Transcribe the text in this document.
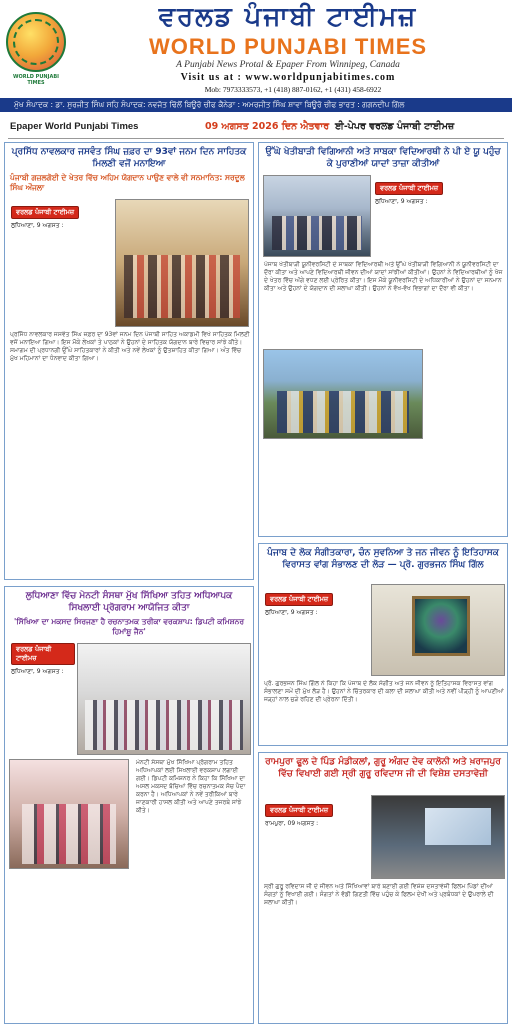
WORLD PUNJABI TIMES
ਵਰਲਡ ਪੰਜਾਬੀ ਟਾਈਮਜ਼
WORLD PUNJABI TIMES
A Punjabi News Protal & Epaper From Winnipeg, Canada
Visit us at : www.worldpunjabitimes.com
Mob: 7973333573, +1 (418) 887-0162, +1 (431) 458-6922
ਮੁੱਖ ਸੰਪਾਦਕ : ਡਾ. ਸੁਰਜੀਤ ਸਿੰਘ ਸਹਿ ਸੰਪਾਦਕ: ਨਵਜੋਤ ਢਿੱਲੋਂ ਬਿਊਰੋ ਚੀਫ ਕੈਨੇਡਾ : ਅਮਰਜੀਤ ਸਿੰਘ ਸ਼ਾਵਾ ਬਿਊਰੋ ਚੀਫ ਭਾਰਤ : ਗਗਨਦੀਪ ਗਿੱਲ
Epaper World Punjabi Times	09 ਅਗਸਤ 2026 ਦਿਨ ਐਤਵਾਰ ਈ-ਪੇਪਰ ਵਰਲਡ ਪੰਜਾਬੀ ਟਾਈਮਜ਼
ਪ੍ਰਸਿੱਧ ਨਾਵਲਕਾਰ ਜਸਵੰਤ ਸਿੰਘ ਜ਼ਫ਼ਰ ਦਾ 93ਵਾਂ ਜਨਮ ਦਿਨ ਸਾਹਿਤਕ ਮਿਲਣੀ ਵਜੋਂ ਮਨਾਇਆ
ਪੰਜਾਬੀ ਗਜ਼ਲਗੋਈ ਦੇ ਖੇਤਰ ਵਿੱਚ ਅਹਿਮ ਯੋਗਦਾਨ ਪਾਉਣ ਵਾਲੇ ਵੀ ਸਨਮਾਨਿਤ: ਸਰਦੂਲ ਸਿੰਘ ਔਜਲਾ
ਵਰਲਡ ਪੰਜਾਬੀ ਟਾਈਮਜ਼
ਲੁਧਿਆਣਾ, 9 ਅਗਸਤ :
ਪ੍ਰਸਿੱਧ ਨਾਵਲਕਾਰ ਜਸਵੰਤ ਸਿੰਘ ਜ਼ਫ਼ਰ ਦਾ 93ਵਾਂ ਜਨਮ ਦਿਨ ਪੰਜਾਬੀ ਸਾਹਿਤ ਅਕਾਡਮੀ ਵਿਖੇ ਸਾਹਿਤਕ ਮਿਲਣੀ ਵਜੋਂ ਮਨਾਇਆ ਗਿਆ। ਇਸ ਮੌਕੇ ਲੇਖਕਾਂ ਤੇ ਪਾਠਕਾਂ ਨੇ ਉਹਨਾਂ ਦੇ ਸਾਹਿਤਕ ਯੋਗਦਾਨ ਬਾਰੇ ਵਿਚਾਰ ਸਾਂਝੇ ਕੀਤੇ। ਸਮਾਗਮ ਦੀ ਪ੍ਰਧਾਨਗੀ ਉੱਘੇ ਸਾਹਿਤਕਾਰਾਂ ਨੇ ਕੀਤੀ ਅਤੇ ਨਵੇਂ ਲੇਖਕਾਂ ਨੂੰ ਉਤਸ਼ਾਹਿਤ ਕੀਤਾ ਗਿਆ। ਅੰਤ ਵਿੱਚ ਮੁੱਖ ਮਹਿਮਾਨਾਂ ਦਾ ਧੰਨਵਾਦ ਕੀਤਾ ਗਿਆ।
ਲੁਧਿਆਣਾ ਵਿੱਚ ਮੇਨਟੀ ਸੰਸਥਾ ਮੁੱਖ ਸਿੱਖਿਆ ਤਹਿਤ ਅਧਿਆਪਕ ਸਿਖਲਾਈ ਪ੍ਰੋਗਰਾਮ ਆਯੋਜਿਤ ਕੀਤਾ
'ਸਿੱਖਿਆ ਦਾ ਮਕਸਦ ਸਿਰਜਣਾ ਹੈ ਰਚਨਾਤਮਕ ਤਰੀਕਾ ਵਰਕਸ਼ਾਪ: ਡਿਪਟੀ ਕਮਿਸ਼ਨਰ ਹਿਮਾਂਸ਼ੂ ਜੈਨ'
ਵਰਲਡ ਪੰਜਾਬੀ ਟਾਈਮਜ਼
ਲੁਧਿਆਣਾ, 9 ਅਗਸਤ :
ਮੇਨਟੀ ਸੰਸਥਾ ਮੁੱਖ ਸਿੱਖਿਆ ਪ੍ਰੋਗਰਾਮ ਤਹਿਤ ਅਧਿਆਪਕਾਂ ਲਈ ਸਿਖਲਾਈ ਵਰਕਸ਼ਾਪ ਲਗਾਈ ਗਈ। ਡਿਪਟੀ ਕਮਿਸ਼ਨਰ ਨੇ ਕਿਹਾ ਕਿ ਸਿੱਖਿਆ ਦਾ ਅਸਲ ਮਕਸਦ ਬੱਚਿਆਂ ਵਿੱਚ ਰਚਨਾਤਮਕ ਸੋਚ ਪੈਦਾ ਕਰਨਾ ਹੈ। ਅਧਿਆਪਕਾਂ ਨੇ ਨਵੇਂ ਤਰੀਕਿਆਂ ਬਾਰੇ ਜਾਣਕਾਰੀ ਹਾਸਲ ਕੀਤੀ ਅਤੇ ਆਪਣੇ ਤਜਰਬੇ ਸਾਂਝੇ ਕੀਤੇ।
ਉੱਘੇ ਖੇਤੀਬਾੜੀ ਵਿਗਿਆਨੀ ਅਤੇ ਸਾਬਕਾ ਵਿਦਿਆਰਥੀ ਨੇ ਪੀ ਏ ਯੂ ਪਹੁੰਚ ਕੇ ਪੁਰਾਣੀਆਂ ਯਾਦਾਂ ਤਾਜ਼ਾ ਕੀਤੀਆਂ
ਵਰਲਡ ਪੰਜਾਬੀ ਟਾਈਮਜ਼
ਲੁਧਿਆਣਾ, 9 ਅਗਸਤ :
ਪੰਜਾਬ ਖੇਤੀਬਾੜੀ ਯੂਨੀਵਰਸਿਟੀ ਦੇ ਸਾਬਕਾ ਵਿਦਿਆਰਥੀ ਅਤੇ ਉੱਘੇ ਖੇਤੀਬਾੜੀ ਵਿਗਿਆਨੀ ਨੇ ਯੂਨੀਵਰਸਿਟੀ ਦਾ ਦੌਰਾ ਕੀਤਾ ਅਤੇ ਆਪਣੇ ਵਿਦਿਆਰਥੀ ਜੀਵਨ ਦੀਆਂ ਯਾਦਾਂ ਸਾਂਝੀਆਂ ਕੀਤੀਆਂ। ਉਹਨਾਂ ਨੇ ਵਿਦਿਆਰਥੀਆਂ ਨੂੰ ਖੋਜ ਦੇ ਖੇਤਰ ਵਿੱਚ ਅੱਗੇ ਵਧਣ ਲਈ ਪ੍ਰੇਰਿਤ ਕੀਤਾ। ਇਸ ਮੌਕੇ ਯੂਨੀਵਰਸਿਟੀ ਦੇ ਅਧਿਕਾਰੀਆਂ ਨੇ ਉਹਨਾਂ ਦਾ ਸਨਮਾਨ ਕੀਤਾ ਅਤੇ ਉਹਨਾਂ ਦੇ ਯੋਗਦਾਨ ਦੀ ਸ਼ਲਾਘਾ ਕੀਤੀ। ਉਹਨਾਂ ਨੇ ਵੱਖ-ਵੱਖ ਵਿਭਾਗਾਂ ਦਾ ਦੌਰਾ ਵੀ ਕੀਤਾ।
ਪੰਜਾਬ ਦੇ ਲੋਕ ਸੰਗੀਤਕਾਰਾ, ਚੰਨ ਸੁਵਨਿਆ ਤੇ ਜਨ ਜੀਵਨ ਨੂੰ ਇਤਿਹਾਸਕ ਵਿਰਾਸਤ ਵਾਂਗ ਸੰਭਾਲਣ ਦੀ ਲੋੜ — ਪ੍ਰੋ. ਗੁਰਭਜਨ ਸਿੰਘ ਗਿੱਲ
ਵਰਲਡ ਪੰਜਾਬੀ ਟਾਈਮਜ਼
ਲੁਧਿਆਣਾ, 9 ਅਗਸਤ :
ਪ੍ਰੋ. ਗੁਰਭਜਨ ਸਿੰਘ ਗਿੱਲ ਨੇ ਕਿਹਾ ਕਿ ਪੰਜਾਬ ਦੇ ਲੋਕ ਸੰਗੀਤ ਅਤੇ ਜਨ ਜੀਵਨ ਨੂੰ ਇਤਿਹਾਸਕ ਵਿਰਾਸਤ ਵਾਂਗ ਸੰਭਾਲਣਾ ਸਮੇਂ ਦੀ ਮੁੱਖ ਲੋੜ ਹੈ। ਉਹਨਾਂ ਨੇ ਚਿੱਤਰਕਾਰ ਦੀ ਕਲਾ ਦੀ ਸ਼ਲਾਘਾ ਕੀਤੀ ਅਤੇ ਨਵੀਂ ਪੀੜ੍ਹੀ ਨੂੰ ਆਪਣੀਆਂ ਜੜ੍ਹਾਂ ਨਾਲ ਜੁੜੇ ਰਹਿਣ ਦੀ ਪ੍ਰੇਰਨਾ ਦਿੱਤੀ।
ਰਾਮਪੁਰਾ ਫੂਲ ਦੇ ਪਿੰਡ ਮੰਡੀਕਲਾਂ, ਗੁਰੂ ਅੰਗਦ ਦੇਵ ਕਾਲੋਨੀ ਅਤੇ ਖ਼ਰਾਜਪੁਰ ਵਿੱਚ ਵਿਖਾਈ ਗਈ ਸ੍ਰੀ ਗੁਰੂ ਰਵਿਦਾਸ ਜੀ ਦੀ ਵਿਸ਼ੇਸ਼ ਦਸਤਾਵੇਜ਼ੀ
ਵਰਲਡ ਪੰਜਾਬੀ ਟਾਈਮਜ਼
ਰਾਮਪੁਰਾ, 09 ਅਗਸਤ :
ਸ੍ਰੀ ਗੁਰੂ ਰਵਿਦਾਸ ਜੀ ਦੇ ਜੀਵਨ ਅਤੇ ਸਿੱਖਿਆਵਾਂ ਬਾਰੇ ਬਣਾਈ ਗਈ ਵਿਸ਼ੇਸ਼ ਦਸਤਾਵੇਜ਼ੀ ਫਿਲਮ ਪਿੰਡਾਂ ਦੀਆਂ ਸੰਗਤਾਂ ਨੂੰ ਵਿਖਾਈ ਗਈ। ਸੰਗਤਾਂ ਨੇ ਵੱਡੀ ਗਿਣਤੀ ਵਿੱਚ ਪਹੁੰਚ ਕੇ ਫਿਲਮ ਦੇਖੀ ਅਤੇ ਪ੍ਰਬੰਧਕਾਂ ਦੇ ਉਪਰਾਲੇ ਦੀ ਸ਼ਲਾਘਾ ਕੀਤੀ।
